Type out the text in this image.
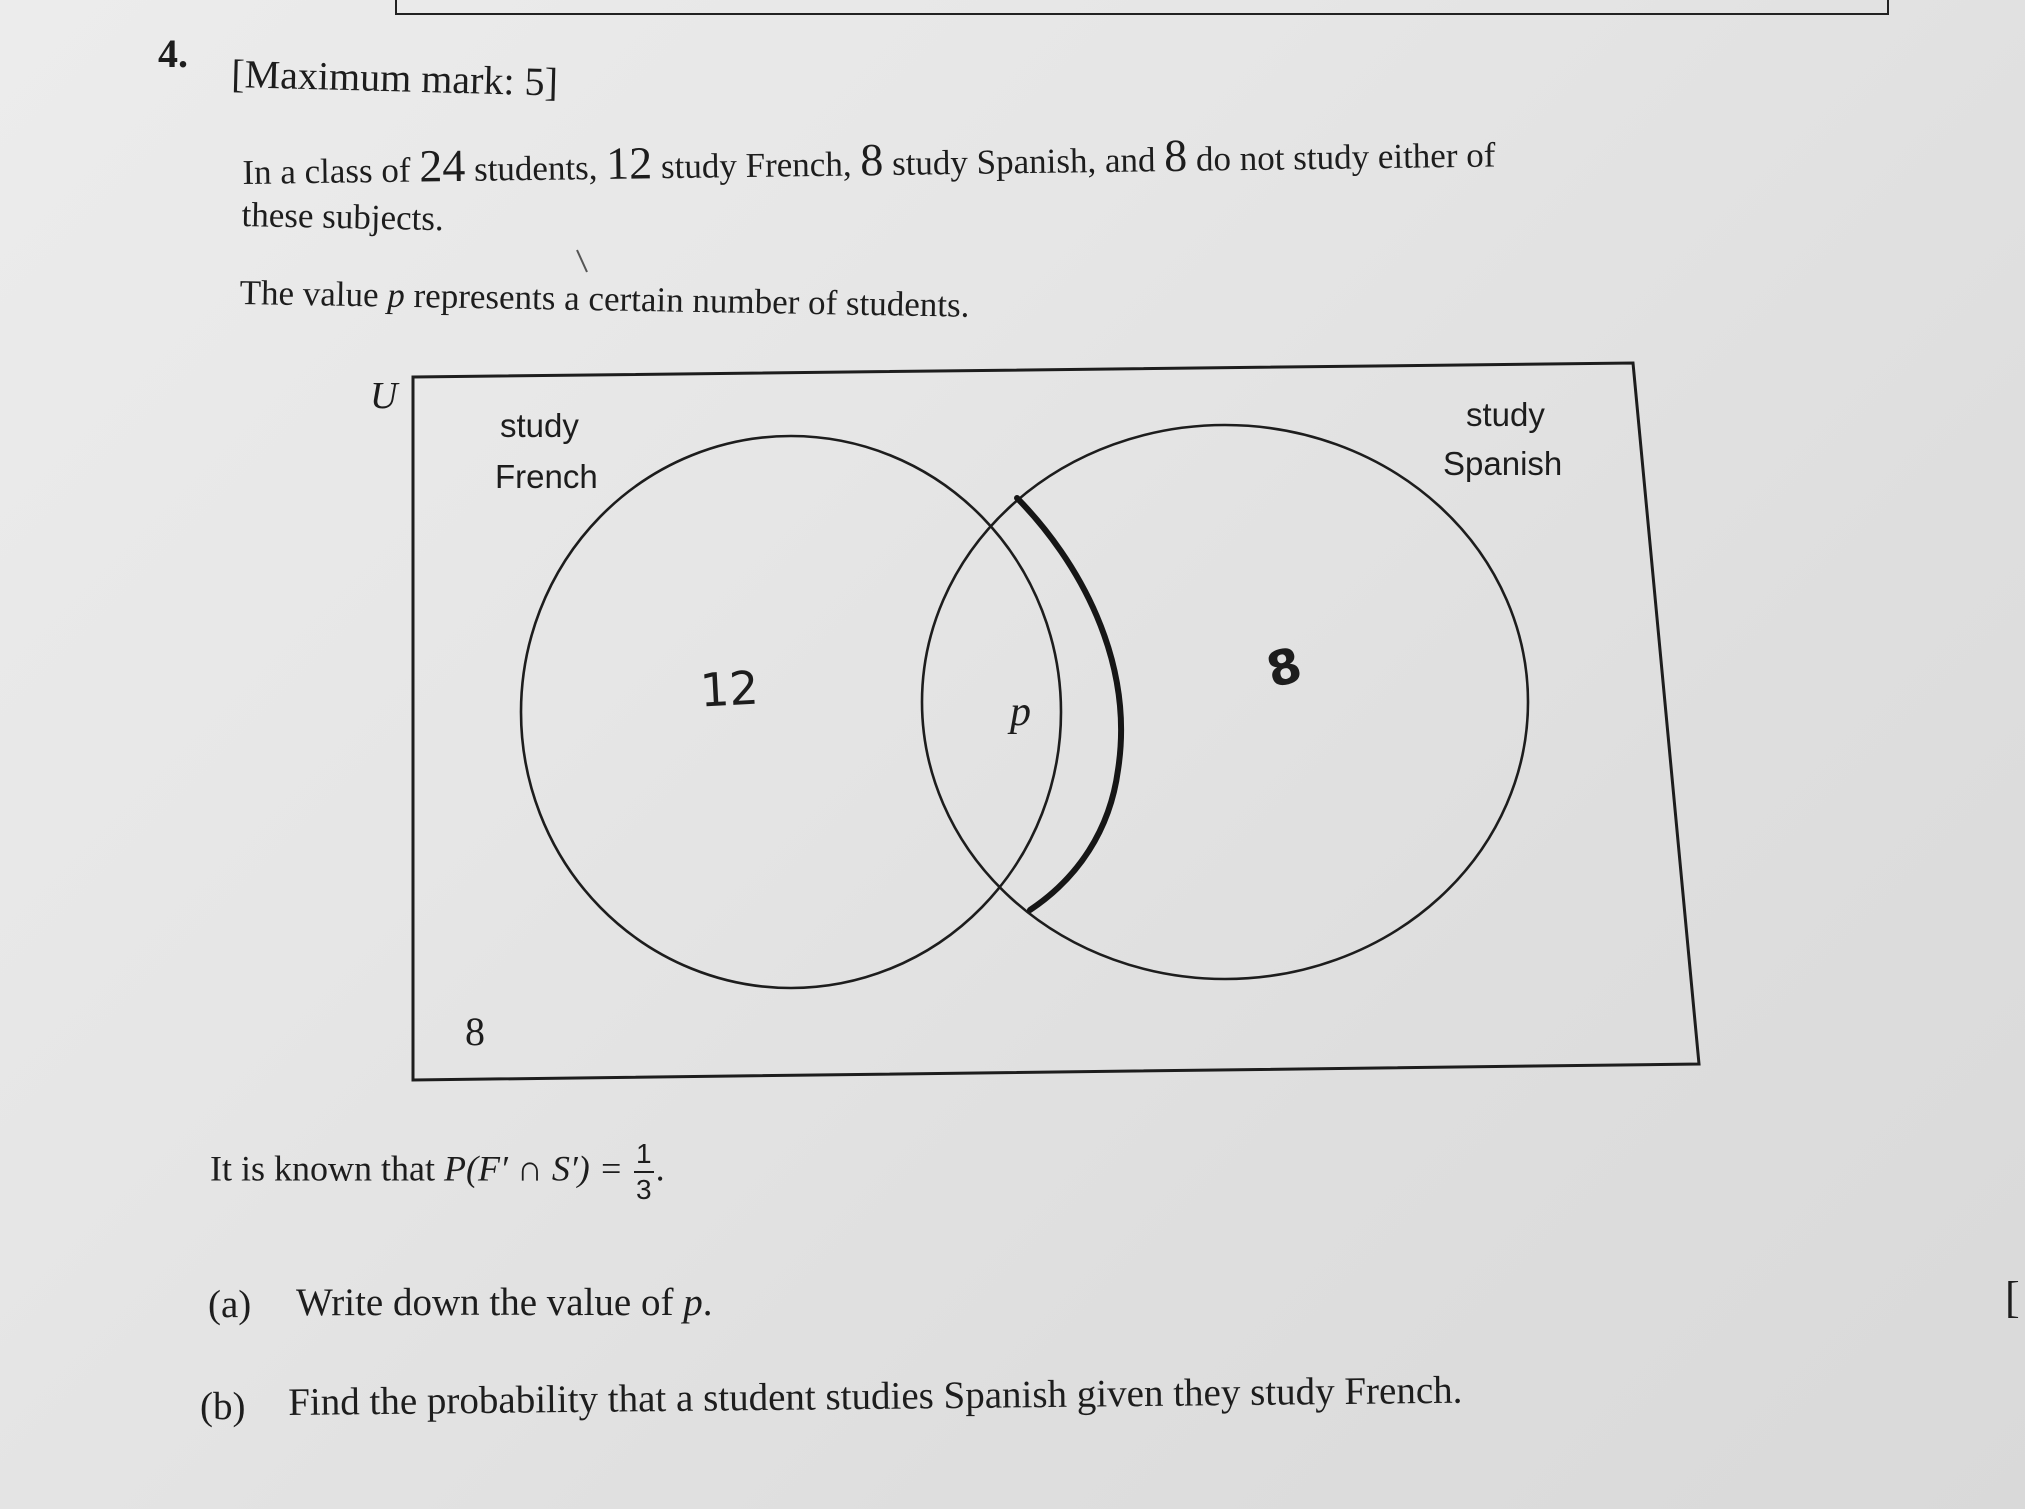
4. [Maximum mark: 5]
In a class of 24 students, 12 study French, 8 study Spanish, and 8 do not study either of
these subjects.
The value p represents a certain number of students.
U
study
French
study
Spanish
8
12	8
p
It is known that P(F′ ∩ $S') = \frac{1}{3}$ .
(a) Write down the value of p.
(b) Find the probability that a student studies Spanish given they study French.
[
